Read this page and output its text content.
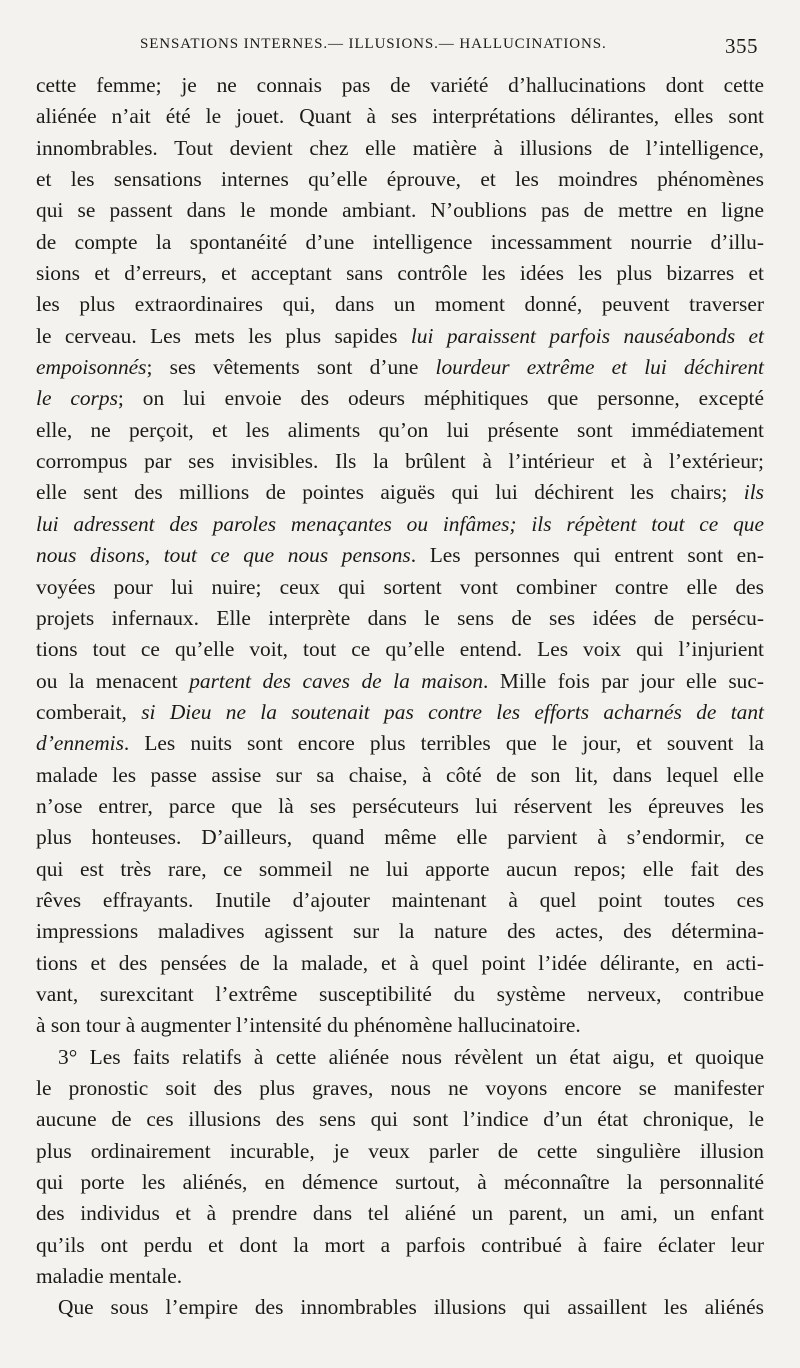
SENSATIONS INTERNES.— ILLUSIONS.— HALLUCINATIONS.	355
cette femme; je ne connais pas de variété d’hallucinations dont cette
aliénée n’ait été le jouet. Quant à ses interprétations délirantes, elles sont
innombrables. Tout devient chez elle matière à illusions de l’intelligence,
et les sensations internes qu’elle éprouve, et les moindres phénomènes
qui se passent dans le monde ambiant. N’oublions pas de mettre en ligne
de compte la spontanéité d’une intelligence incessamment nourrie d’illu-
sions et d’erreurs, et acceptant sans contrôle les idées les plus bizarres et
les plus extraordinaires qui, dans un moment donné, peuvent traverser
le cerveau. Les mets les plus sapides lui paraissent parfois nauséabonds et
empoisonnés; ses vêtements sont d’une lourdeur extrême et lui déchirent
le corps; on lui envoie des odeurs méphitiques que personne, excepté
elle, ne perçoit, et les aliments qu’on lui présente sont immédiatement
corrompus par ses invisibles. Ils la brûlent à l’intérieur et à l’extérieur;
elle sent des millions de pointes aiguës qui lui déchirent les chairs; ils
lui adressent des paroles menaçantes ou infâmes; ils répètent tout ce que
nous disons, tout ce que nous pensons. Les personnes qui entrent sont en-
voyées pour lui nuire; ceux qui sortent vont combiner contre elle des
projets infernaux. Elle interprète dans le sens de ses idées de persécu-
tions tout ce qu’elle voit, tout ce qu’elle entend. Les voix qui l’injurient
ou la menacent partent des caves de la maison. Mille fois par jour elle suc-
comberait, si Dieu ne la soutenait pas contre les efforts acharnés de tant
d’ennemis. Les nuits sont encore plus terribles que le jour, et souvent la
malade les passe assise sur sa chaise, à côté de son lit, dans lequel elle
n’ose entrer, parce que là ses persécuteurs lui réservent les épreuves les
plus honteuses. D’ailleurs, quand même elle parvient à s’endormir, ce
qui est très rare, ce sommeil ne lui apporte aucun repos; elle fait des
rêves effrayants. Inutile d’ajouter maintenant à quel point toutes ces
impressions maladives agissent sur la nature des actes, des détermina-
tions et des pensées de la malade, et à quel point l’idée délirante, en acti-
vant, surexcitant l’extrême susceptibilité du système nerveux, contribue
à son tour à augmenter l’intensité du phénomène hallucinatoire.
3° Les faits relatifs à cette aliénée nous révèlent un état aigu, et quoique
le pronostic soit des plus graves, nous ne voyons encore se manifester
aucune de ces illusions des sens qui sont l’indice d’un état chronique, le
plus ordinairement incurable, je veux parler de cette singulière illusion
qui porte les aliénés, en démence surtout, à méconnaître la personnalité
des individus et à prendre dans tel aliéné un parent, un ami, un enfant
qu’ils ont perdu et dont la mort a parfois contribué à faire éclater leur
maladie mentale.
Que sous l’empire des innombrables illusions qui assaillent les aliénés
